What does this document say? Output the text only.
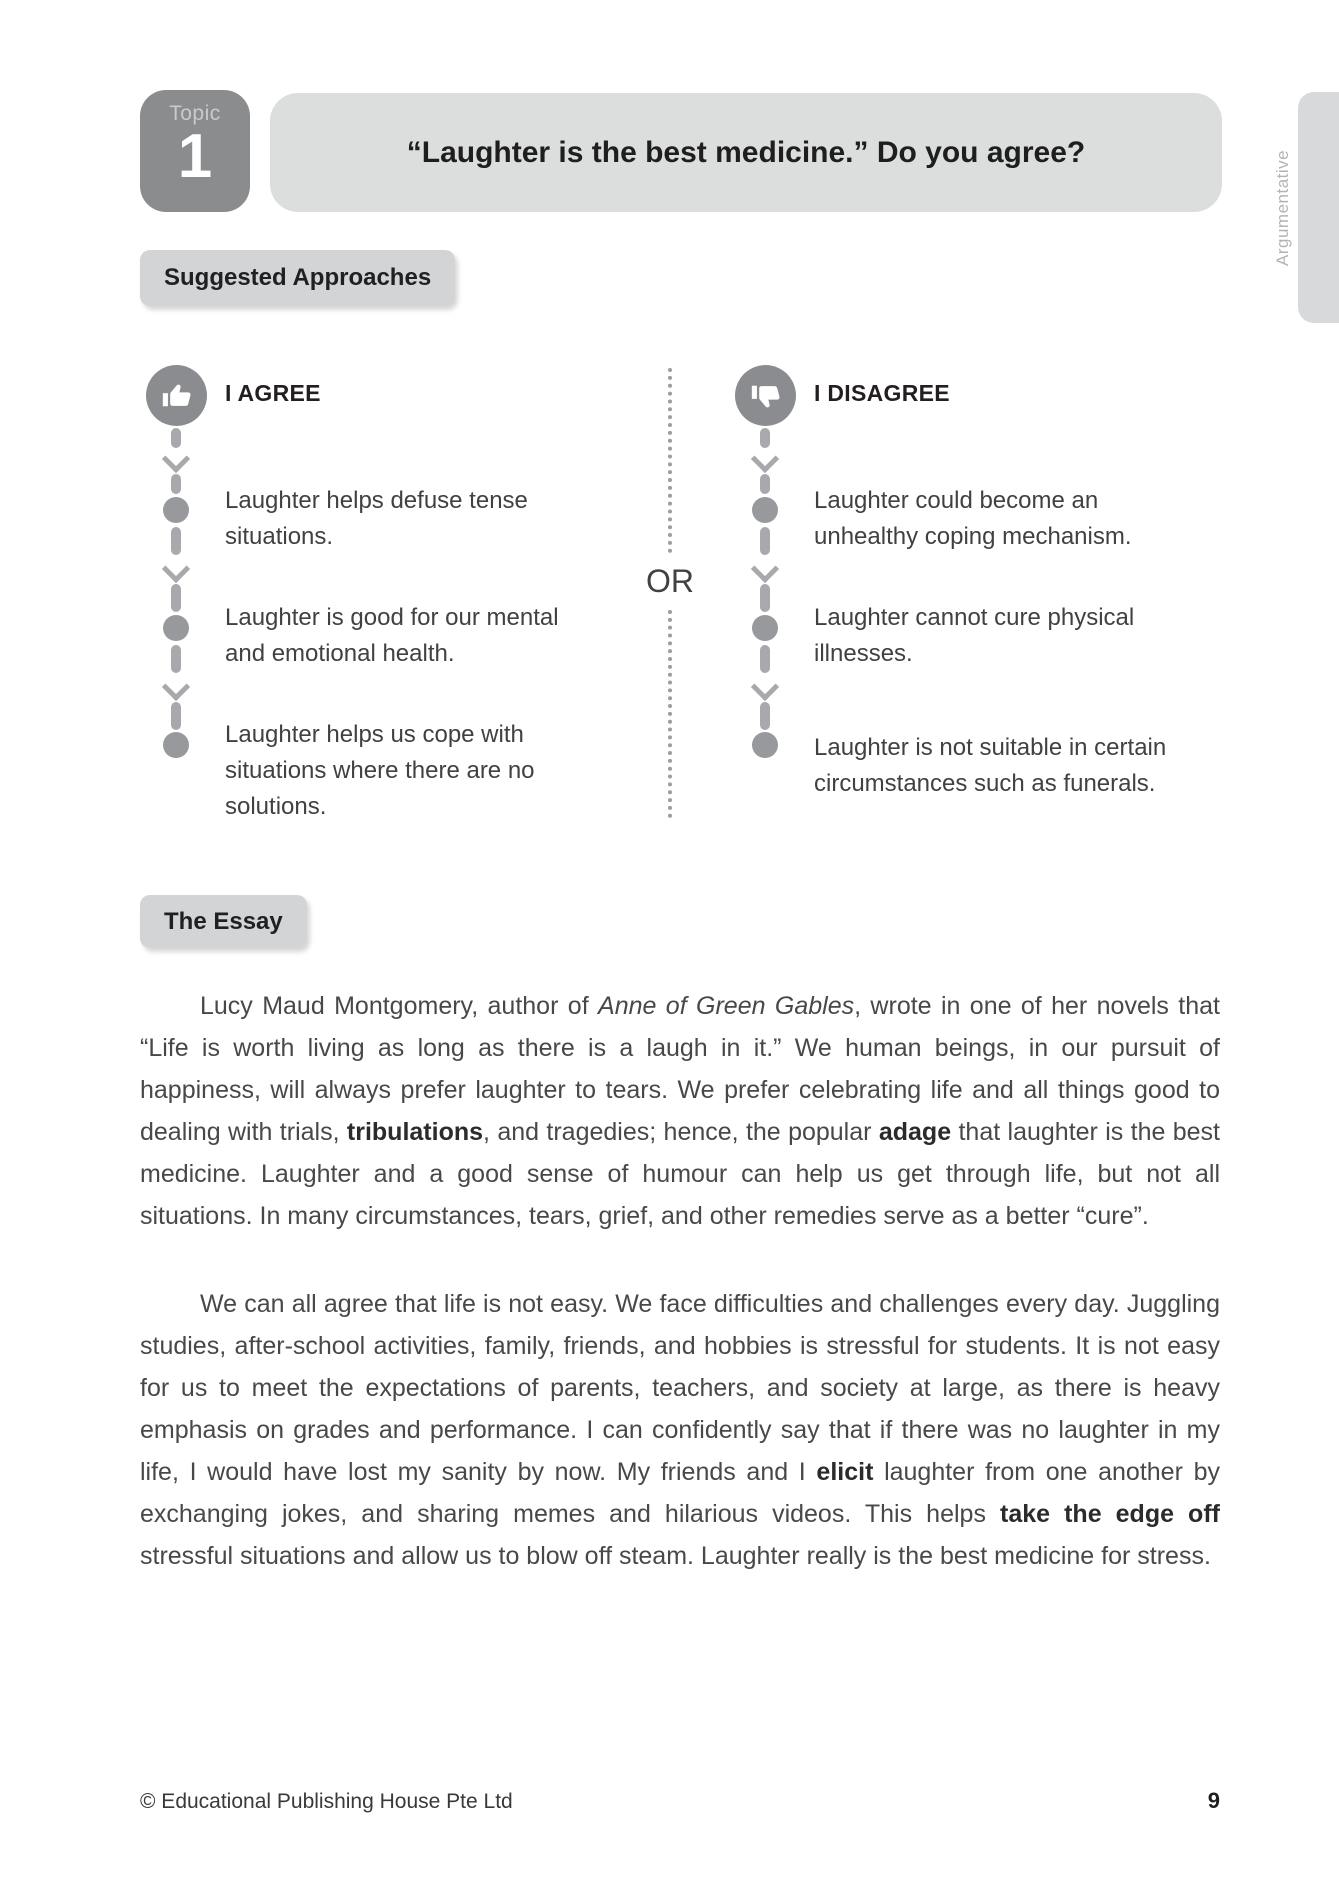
Argumentative
Topic
1	“Laughter is the best medicine.” Do you agree?
Suggested Approaches
I AGREE
Laughter helps defuse tense
situations.
Laughter is good for our mental
and emotional health.
Laughter helps us cope with
situations where there are no
solutions.
OR
I DISAGREE
Laughter could become an
unhealthy coping mechanism.
Laughter cannot cure physical
illnesses.
Laughter is not suitable in certain
circumstances such as funerals.
The Essay

Lucy Maud Montgomery, author of Anne of Green Gables, wrote in one of her novels that “Life is worth living as long as there is a laugh in it.” We human beings, in our pursuit of happiness, will always prefer laughter to tears. We prefer celebrating life and all things good to dealing with trials, tribulations, and tragedies; hence, the popular adage that laughter is the best medicine. Laughter and a good sense of humour can help us get through life, but not all situations. In many circumstances, tears, grief, and other remedies serve as a better “cure”.

We can all agree that life is not easy. We face difficulties and challenges every day. Juggling studies, after-school activities, family, friends, and hobbies is stressful for students. It is not easy for us to meet the expectations of parents, teachers, and society at large, as there is heavy emphasis on grades and performance. I can confidently say that if there was no laughter in my life, I would have lost my sanity by now. My friends and I elicit laughter from one another by exchanging jokes, and sharing memes and hilarious videos. This helps take the edge off stressful situations and allow us to blow off steam. Laughter really is the best medicine for stress.

© Educational Publishing House Pte Ltd	9
